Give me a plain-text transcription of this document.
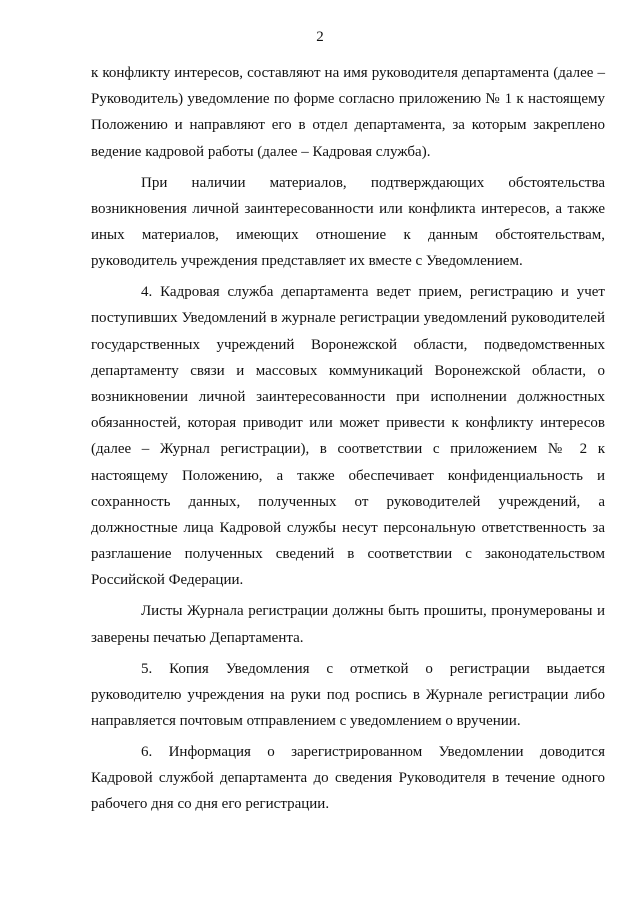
2

к конфликту интересов, составляют на имя руководителя департамента (далее – Руководитель) уведомление по форме согласно приложению № 1 к настоящему Положению и направляют его в отдел департамента, за которым закреплено ведение кадровой работы (далее – Кадровая служба).

При наличии материалов, подтверждающих обстоятельства возникновения личной заинтересованности или конфликта интересов, а также иных материалов, имеющих отношение к данным обстоятельствам, руководитель учреждения представляет их вместе с Уведомлением.

4. Кадровая служба департамента ведет прием, регистрацию и учет поступивших Уведомлений в журнале регистрации уведомлений руководителей государственных учреждений Воронежской области, подведомственных департаменту связи и массовых коммуникаций Воронежской области, о возникновении личной заинтересованности при исполнении должностных обязанностей, которая приводит или может привести к конфликту интересов (далее – Журнал регистрации), в соответствии с приложением № 2 к настоящему Положению, а также обеспечивает конфиденциальность и сохранность данных, полученных от руководителей учреждений, а должностные лица Кадровой службы несут персональную ответственность за разглашение полученных сведений в соответствии с законодательством Российской Федерации.

Листы Журнала регистрации должны быть прошиты, пронумерованы и заверены печатью Департамента.

5. Копия Уведомления с отметкой о регистрации выдается руководителю учреждения на руки под роспись в Журнале регистрации либо направляется почтовым отправлением с уведомлением о вручении.

6. Информация о зарегистрированном Уведомлении доводится Кадровой службой департамента до сведения Руководителя в течение одного рабочего дня со дня его регистрации.
